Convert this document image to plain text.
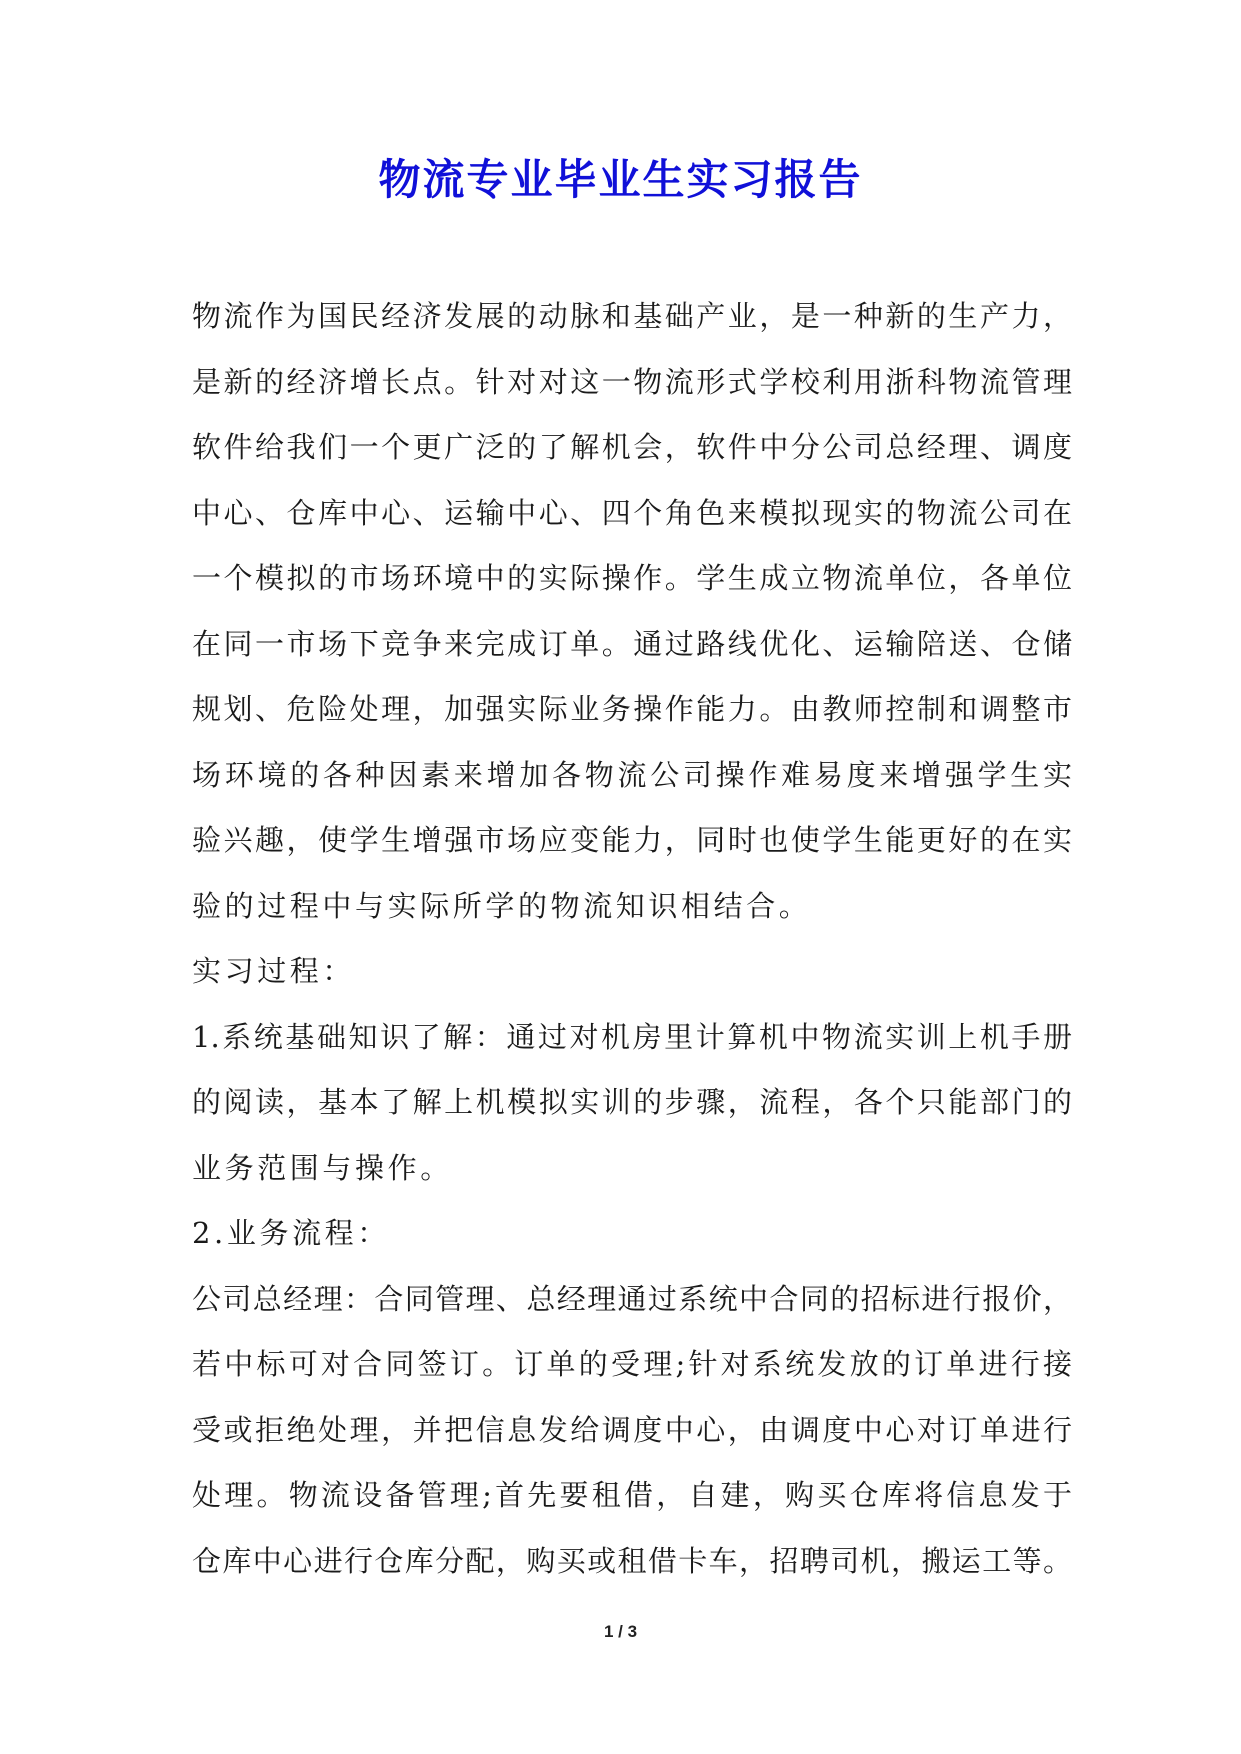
物流专业毕业生实习报告
物流作为国民经济发展的动脉和基础产业，是一种新的生产力，
是新的经济增长点。针对对这一物流形式学校利用浙科物流管理
软件给我们一个更广泛的了解机会，软件中分公司总经理、调度
中心、仓库中心、运输中心、四个角色来模拟现实的物流公司在
一个模拟的市场环境中的实际操作。学生成立物流单位，各单位
在同一市场下竞争来完成订单。通过路线优化、运输陪送、仓储
规划、危险处理，加强实际业务操作能力。由教师控制和调整市
场环境的各种因素来增加各物流公司操作难易度来增强学生实
验兴趣，使学生增强市场应变能力，同时也使学生能更好的在实
验的过程中与实际所学的物流知识相结合。
实习过程：
1.系统基础知识了解：通过对机房里计算机中物流实训上机手册
的阅读，基本了解上机模拟实训的步骤，流程，各个只能部门的
业务范围与操作。
2.业务流程：
公司总经理：合同管理、总经理通过系统中合同的招标进行报价，
若中标可对合同签订。订单的受理;针对系统发放的订单进行接
受或拒绝处理，并把信息发给调度中心，由调度中心对订单进行
处理。物流设备管理;首先要租借，自建，购买仓库将信息发于
仓库中心进行仓库分配，购买或租借卡车，招聘司机，搬运工等。
1 / 3
